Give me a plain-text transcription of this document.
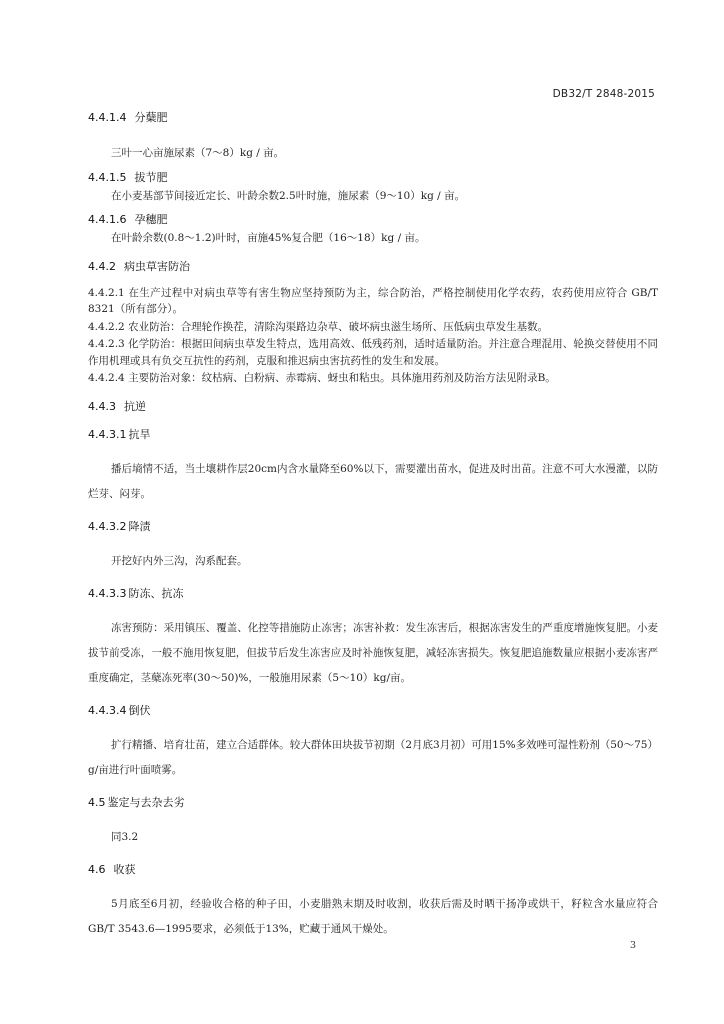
DB32/T 2848-2015
4.4.1.4 分蘖肥
三叶一心亩施尿素（7～8）kg / 亩。
4.4.1.5 拔节肥
在小麦基部节间接近定长、叶龄余数2.5叶时施，施尿素（9～10）kg / 亩。
4.4.1.6 孕穗肥
在叶龄余数(0.8～1.2)叶时，亩施45%复合肥（16～18）kg / 亩。
4.4.2 病虫草害防治
4.4.2.1 在生产过程中对病虫草等有害生物应坚持预防为主，综合防治，严格控制使用化学农药，农药使用应符合 GB/T 8321（所有部分）。
4.4.2.2 农业防治：合理轮作换茬，清除沟渠路边杂草、破坏病虫滋生场所、压低病虫草发生基数。
4.4.2.3 化学防治：根据田间病虫草发生特点，选用高效、低残药剂，适时适量防治。并注意合理混用、轮换交替使用不同作用机理或具有负交互抗性的药剂，克服和推迟病虫害抗药性的发生和发展。
4.4.2.4 主要防治对象：纹枯病、白粉病、赤霉病、蚜虫和粘虫。具体施用药剂及防治方法见附录B。
4.4.3 抗逆
4.4.3.1 抗旱
播后墒情不适，当土壤耕作层20cm内含水量降至60%以下，需要灌出苗水，促进及时出苗。注意不可大水漫灌，以防烂芽、闷芽。
4.4.3.2 降渍
开挖好内外三沟，沟系配套。
4.4.3.3 防冻、抗冻
冻害预防：采用镇压、覆盖、化控等措施防止冻害；冻害补救：发生冻害后，根据冻害发生的严重度增施恢复肥。小麦拔节前受冻，一般不施用恢复肥，但拔节后发生冻害应及时补施恢复肥，减轻冻害损失。恢复肥追施数量应根据小麦冻害严重度确定，茎蘖冻死率(30～50)%，一般施用尿素（5～10）kg/亩。
4.4.3.4 倒伏
扩行精播、培育壮苗，建立合适群体。较大群体田块拔节初期（2月底3月初）可用15%多效唑可湿性粉剂（50～75）g/亩进行叶面喷雾。
4.5 鉴定与去杂去劣
同3.2
4.6 收获
5月底至6月初，经验收合格的种子田，小麦腊熟末期及时收割，收获后需及时晒干扬净或烘干，籽粒含水量应符合GB/T 3543.6—1995要求，必须低于13%，贮藏于通风干燥处。
3
